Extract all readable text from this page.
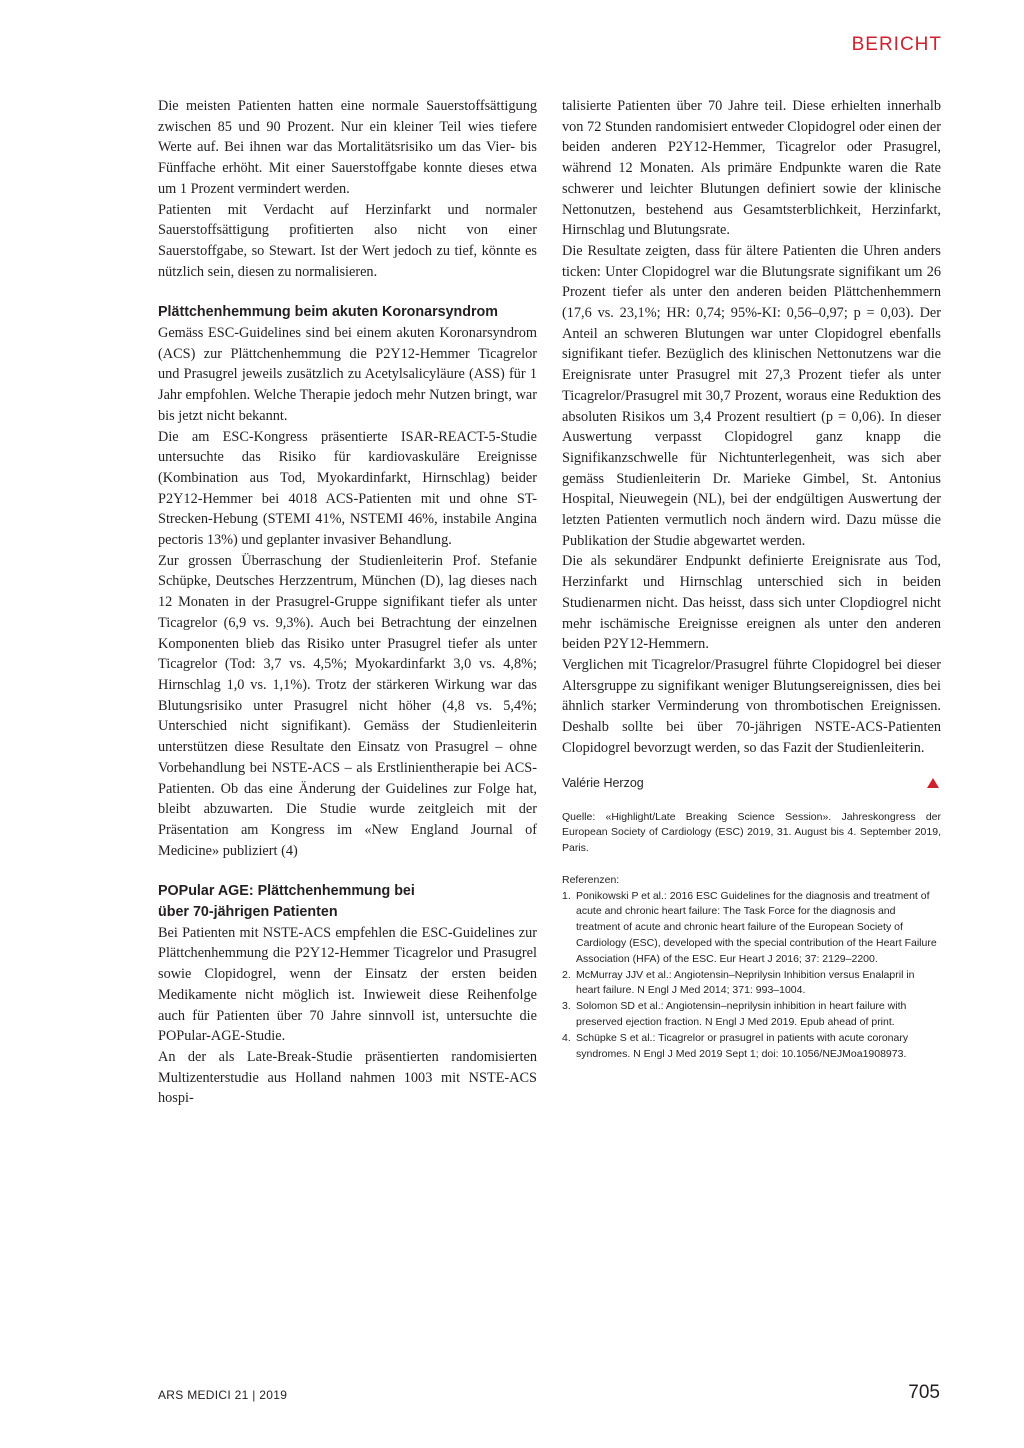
BERICHT

Die meisten Patienten hatten eine normale Sauerstoffsättigung zwischen 85 und 90 Prozent. Nur ein kleiner Teil wies tiefere Werte auf. Bei ihnen war das Mortalitätsrisiko um das Vier- bis Fünffache erhöht. Mit einer Sauerstoffgabe konnte dieses etwa um 1 Prozent vermindert werden.

Patienten mit Verdacht auf Herzinfarkt und normaler Sauerstoffsättigung profitierten also nicht von einer Sauerstoffgabe, so Stewart. Ist der Wert jedoch zu tief, könnte es nützlich sein, diesen zu normalisieren.

Plättchenhemmung beim akuten Koronarsyndrom

Gemäss ESC-Guidelines sind bei einem akuten Koronarsyndrom (ACS) zur Plättchenhemmung die P2Y12-Hemmer Ticagrelor und Prasugrel jeweils zusätzlich zu Acetylsalicyläure (ASS) für 1 Jahr empfohlen. Welche Therapie jedoch mehr Nutzen bringt, war bis jetzt nicht bekannt.

Die am ESC-Kongress präsentierte ISAR-REACT-5-Studie untersuchte das Risiko für kardiovaskuläre Ereignisse (Kombination aus Tod, Myokardinfarkt, Hirnschlag) beider P2Y12-Hemmer bei 4018 ACS-Patienten mit und ohne ST-Strecken-Hebung (STEMI 41%, NSTEMI 46%, instabile Angina pectoris 13%) und geplanter invasiver Behandlung.

Zur grossen Überraschung der Studienleiterin Prof. Stefanie Schüpke, Deutsches Herzzentrum, München (D), lag dieses nach 12 Monaten in der Prasugrel-Gruppe signifikant tiefer als unter Ticagrelor (6,9 vs. 9,3%). Auch bei Betrachtung der einzelnen Komponenten blieb das Risiko unter Prasugrel tiefer als unter Ticagrelor (Tod: 3,7 vs. 4,5%; Myokardinfarkt 3,0 vs. 4,8%; Hirnschlag 1,0 vs. 1,1%). Trotz der stärkeren Wirkung war das Blutungsrisiko unter Prasugrel nicht höher (4,8 vs. 5,4%; Unterschied nicht signifikant). Gemäss der Studienleiterin unterstützen diese Resultate den Einsatz von Prasugrel – ohne Vorbehandlung bei NSTE-ACS – als Erstlinientherapie bei ACS-Patienten. Ob das eine Änderung der Guidelines zur Folge hat, bleibt abzuwarten. Die Studie wurde zeitgleich mit der Präsentation am Kongress im «New England Journal of Medicine» publiziert (4)

POPular AGE: Plättchenhemmung bei

über 70-jährigen Patienten

Bei Patienten mit NSTE-ACS empfehlen die ESC-Guidelines zur Plättchenhemmung die P2Y12-Hemmer Ticagrelor und Prasugrel sowie Clopidogrel, wenn der Einsatz der ersten beiden Medikamente nicht möglich ist. Inwieweit diese Reihenfolge auch für Patienten über 70 Jahre sinnvoll ist, untersuchte die POPular-AGE-Studie.

An der als Late-Break-Studie präsentierten randomisierten Multizenterstudie aus Holland nahmen 1003 mit NSTE-ACS hospi-

talisierte Patienten über 70 Jahre teil. Diese erhielten innerhalb von 72 Stunden randomisiert entweder Clopidogrel oder einen der beiden anderen P2Y12-Hemmer, Ticagrelor oder Prasugrel, während 12 Monaten. Als primäre Endpunkte waren die Rate schwerer und leichter Blutungen definiert sowie der klinische Nettonutzen, bestehend aus Gesamtsterblichkeit, Herzinfarkt, Hirnschlag und Blutungsrate.

Die Resultate zeigten, dass für ältere Patienten die Uhren anders ticken: Unter Clopidogrel war die Blutungsrate signifikant um 26 Prozent tiefer als unter den anderen beiden Plättchenhemmern (17,6 vs. 23,1%; HR: 0,74; 95%-KI: 0,56–0,97; p = 0,03). Der Anteil an schweren Blutungen war unter Clopidogrel ebenfalls signifikant tiefer. Bezüglich des klinischen Nettonutzens war die Ereignisrate unter Prasugrel mit 27,3 Prozent tiefer als unter Ticagrelor/Prasugrel mit 30,7 Prozent, woraus eine Reduktion des absoluten Risikos um 3,4 Prozent resultiert (p = 0,06). In dieser Auswertung verpasst Clopidogrel ganz knapp die Signifikanzschwelle für Nichtunterlegenheit, was sich aber gemäss Studienleiterin Dr. Marieke Gimbel, St. Antonius Hospital, Nieuwegein (NL), bei der endgültigen Auswertung der letzten Patienten vermutlich noch ändern wird. Dazu müsse die Publikation der Studie abgewartet werden.

Die als sekundärer Endpunkt definierte Ereignisrate aus Tod, Herzinfarkt und Hirnschlag unterschied sich in beiden Studienarmen nicht. Das heisst, dass sich unter Clopdiogrel nicht mehr ischämische Ereignisse ereignen als unter den anderen beiden P2Y12-Hemmern.

Verglichen mit Ticagrelor/Prasugrel führte Clopidogrel bei dieser Altersgruppe zu signifikant weniger Blutungsereignissen, dies bei ähnlich starker Verminderung von thrombotischen Ereignissen. Deshalb sollte bei über 70-jährigen NSTE-ACS-Patienten Clopidogrel bevorzugt werden, so das Fazit der Studienleiterin.

Valérie Herzog

Quelle: «Highlight/Late Breaking Science Session». Jahreskongress der European Society of Cardiology (ESC) 2019, 31. August bis 4. September 2019, Paris.

Referenzen:

1. Ponikowski P et al.: 2016 ESC Guidelines for the diagnosis and treatment of acute and chronic heart failure: The Task Force for the diagnosis and treatment of acute and chronic heart failure of the European Society of Cardiology (ESC), developed with the special contribution of the Heart Failure Association (HFA) of the ESC. Eur Heart J 2016; 37: 2129–2200.
2. McMurray JJV et al.: Angiotensin–Neprilysin Inhibition versus Enalapril in heart failure. N Engl J Med 2014; 371: 993–1004.
3. Solomon SD et al.: Angiotensin–neprilysin inhibition in heart failure with preserved ejection fraction. N Engl J Med 2019. Epub ahead of print.
4. Schüpke S et al.: Ticagrelor or prasugrel in patients with acute coronary syndromes. N Engl J Med 2019 Sept 1; doi: 10.1056/NEJMoa1908973.
ARS MEDICI 21 | 2019	705
